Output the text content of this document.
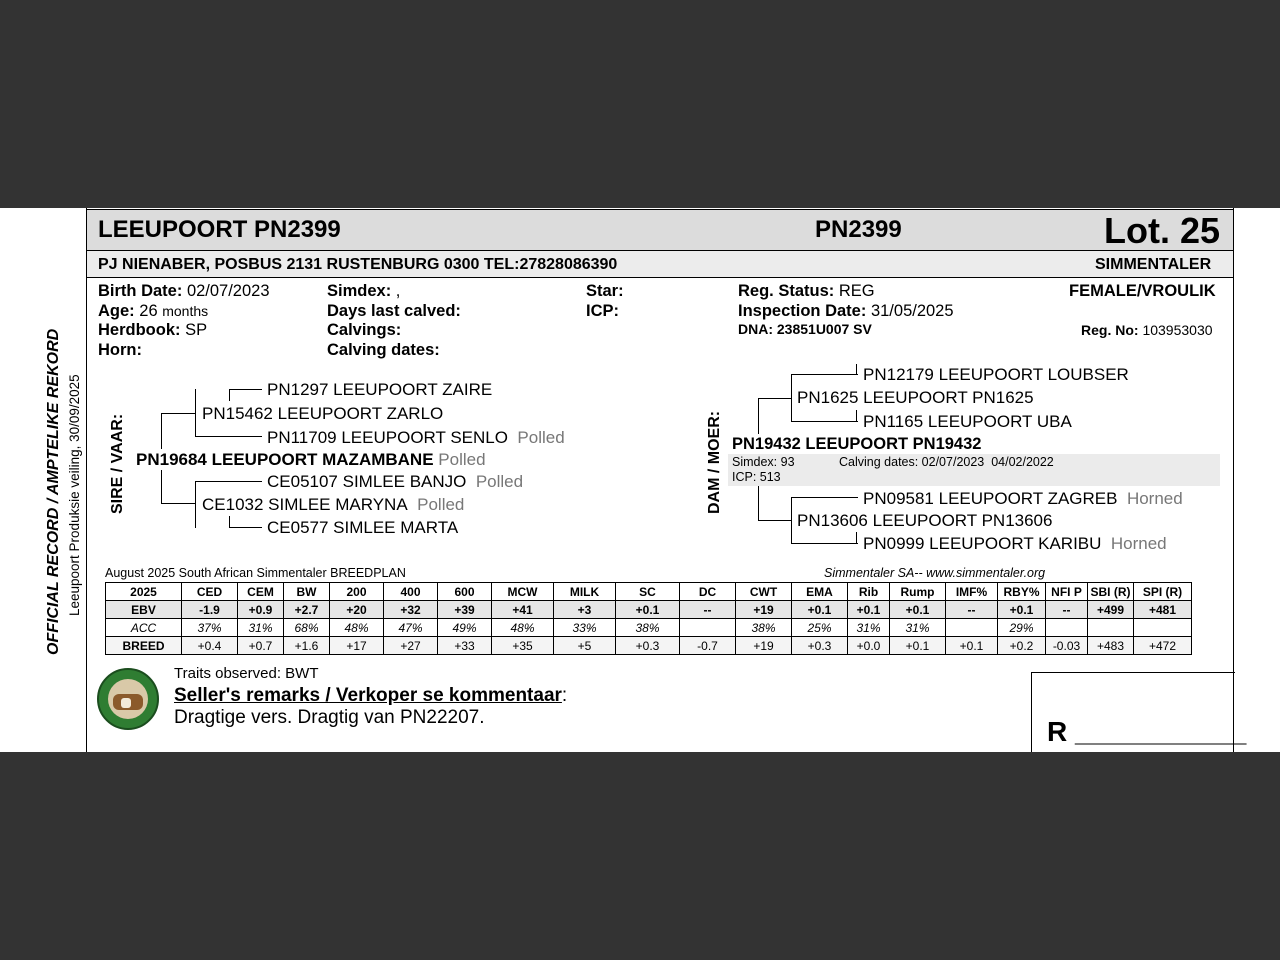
OFFICIAL RECORD / AMPTELIKE REKORD Leeupoort Produksie veiling, 30/09/2025
LEEUPOORT PN2399	PN2399	Lot. 25
PJ NIENABER, POSBUS 2131 RUSTENBURG 0300 TEL:27828086390	SIMMENTALER
Birth Date: 02/07/2023
Age: 26 months
Herdbook: SP
Horn:
Simdex: ,
Days last calved:
Calvings:
Calving dates:
Star:
ICP:
Reg. Status: REG
Inspection Date: 31/05/2025
DNA: 23851U007 SV
FEMALE/VROULIK
Reg. No: 103953030
SIRE / VAAR:
PN1297 LEEUPOORT ZAIRE
PN15462 LEEUPOORT ZARLO
PN11709 LEEUPOORT SENLO Polled
PN19684 LEEUPOORT MAZAMBANE Polled
CE05107 SIMLEE BANJO Polled
CE1032 SIMLEE MARYNA Polled
CE0577 SIMLEE MARTA
DAM / MOER:
PN12179 LEEUPOORT LOUBSER
PN1625 LEEUPOORT PN1625
PN1165 LEEUPOORT UBA
PN19432 LEEUPOORT PN19432
Simdex: 93	Calving dates: 02/07/2023  04/02/2022
ICP: 513
PN09581 LEEUPOORT ZAGREB Horned
PN13606 LEEUPOORT PN13606
PN0999 LEEUPOORT KARIBU Horned
August 2025 South African Simmentaler BREEDPLAN	Simmentaler SA-- www.simmentaler.org
2025	CED	CEM	BW	200	400	600	MCW	MILK	SC	DC	CWT	EMA	Rib	Rump	IMF%	RBY%	NFI P	SBI (R)	SPI (R)
EBV	-1.9	+0.9	+2.7	+20	+32	+39	+41	+3	+0.1	--	+19	+0.1	+0.1	+0.1	--	+0.1	--	+499	+481
ACC	37%	31%	68%	48%	47%	49%	48%	33%	38%		38%	25%	31%	31%		29%			
BREED	+0.4	+0.7	+1.6	+17	+27	+33	+35	+5	+0.3	-0.7	+19	+0.3	+0.0	+0.1	+0.1	+0.2	-0.03	+483	+472
Traits observed: BWT
Seller's remarks / Verkoper se kommentaar:
Dragtige vers. Dragtig van PN22207.	R ___________
